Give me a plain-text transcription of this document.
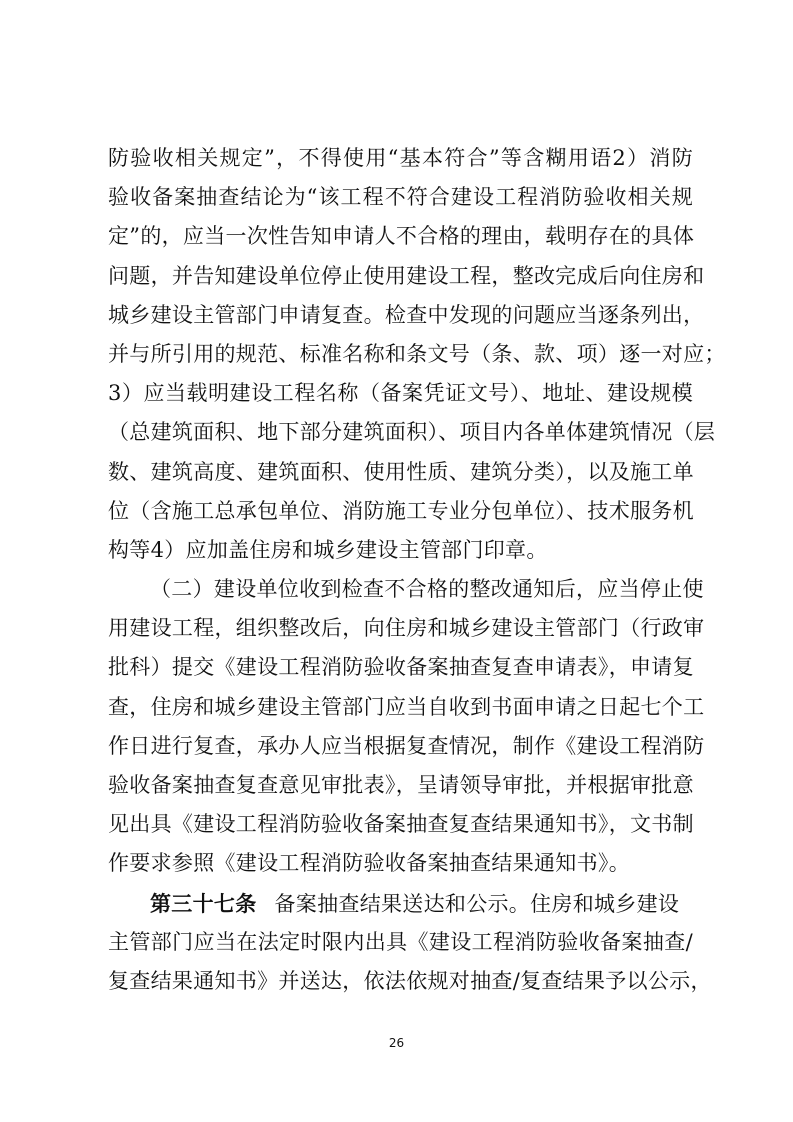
防验收相关规定”，不得使用“基本符合”等含糊用语2）消防
验收备案抽查结论为“该工程不符合建设工程消防验收相关规
定”的，应当一次性告知申请人不合格的理由，载明存在的具体
问题，并告知建设单位停止使用建设工程，整改完成后向住房和
城乡建设主管部门申请复查。检查中发现的问题应当逐条列出，
并与所引用的规范、标准名称和条文号（条、款、项）逐一对应；
3）应当载明建设工程名称（备案凭证文号）、地址、建设规模
（总建筑面积、地下部分建筑面积）、项目内各单体建筑情况（层
数、建筑高度、建筑面积、使用性质、建筑分类），以及施工单
位（含施工总承包单位、消防施工专业分包单位）、技术服务机
构等4）应加盖住房和城乡建设主管部门印章。
（二）建设单位收到检查不合格的整改通知后，应当停止使
用建设工程，组织整改后，向住房和城乡建设主管部门（行政审
批科）提交《建设工程消防验收备案抽查复查申请表》，申请复
查，住房和城乡建设主管部门应当自收到书面申请之日起七个工
作日进行复查，承办人应当根据复查情况，制作《建设工程消防
验收备案抽查复查意见审批表》，呈请领导审批，并根据审批意
见出具《建设工程消防验收备案抽查复查结果通知书》，文书制
作要求参照《建设工程消防验收备案抽查结果通知书》。
第三十七条 备案抽查结果送达和公示。住房和城乡建设
主管部门应当在法定时限内出具《建设工程消防验收备案抽查/
复查结果通知书》并送达，依法依规对抽查/复查结果予以公示，
26
